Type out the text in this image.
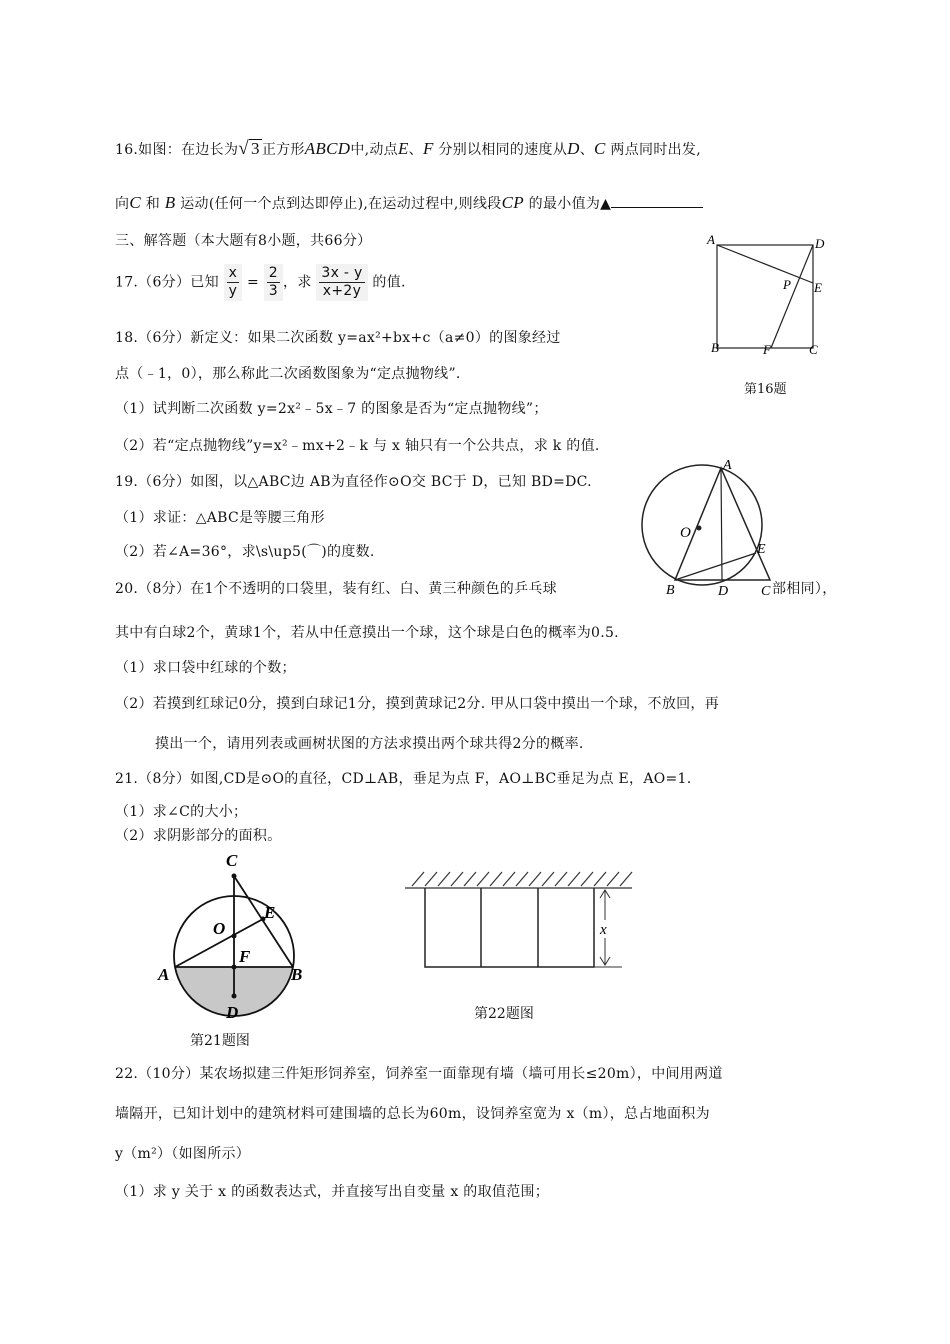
16.如图：在边长为√ 3 正方形ABCD中,动点E、F 分别以相同的速度从D、C 两点同时出发,
向C 和 B 运动(任何一个点到达即停止),在运动过程中,则线段CP 的最小值为▲
A	D
P E
B	F	C
第16题
三、解答题（本大题有8小题，共66分）
17.（6分）已知 $\frac{x}{y} = \frac{2}{3}$ ，求 $\frac{3x - y}{x+2y}$ 的值.
18.（6分）新定义：如果二次函数 y=ax²+bx+c（a≠0）的图象经过
点（﹣1，0），那么称此二次函数图象为“定点抛物线”.
（1）试判断二次函数 y=2x²﹣5x﹣7 的图象是否为“定点抛物线”；
（2）若“定点抛物线”y=x²﹣mx+2﹣k 与 x 轴只有一个公共点，求 k 的值.
19.（6分）如图，以△ABC边 AB为直径作⊙O交 BC于 D，已知 BD=DC.
（1）求证：△ABC是等腰三角形
（2）若∠A=36°，求\s\up5(⌒)的度数.
A
O
E
B	D C
20.（8分）在1个不透明的口袋里，装有红、白、黄三种颜色的乒乓球	部相同），
其中有白球2个，黄球1个，若从中任意摸出一个球，这个球是白色的概率为0.5.
（1）求口袋中红球的个数；
（2）若摸到红球记0分，摸到白球记1分，摸到黄球记2分. 甲从口袋中摸出一个球，不放回，再
摸出一个，请用列表或画树状图的方法求摸出两个球共得2分的概率.
21.（8分）如图,CD是⊙O的直径，CD⊥AB，垂足为点 F，AO⊥BC垂足为点 E，AO=1.
（1）求∠C的大小；
（2）求阴影部分的面积。
C
E
O
F
A	B
D
第21题图
x
第22题图
22.（10分）某农场拟建三件矩形饲养室，饲养室一面靠现有墙（墙可用长≤20m），中间用两道
墙隔开，已知计划中的建筑材料可建围墙的总长为60m，设饲养室宽为 x（m），总占地面积为
y（m²）（如图所示）
（1）求 y 关于 x 的函数表达式，并直接写出自变量 x 的取值范围；
